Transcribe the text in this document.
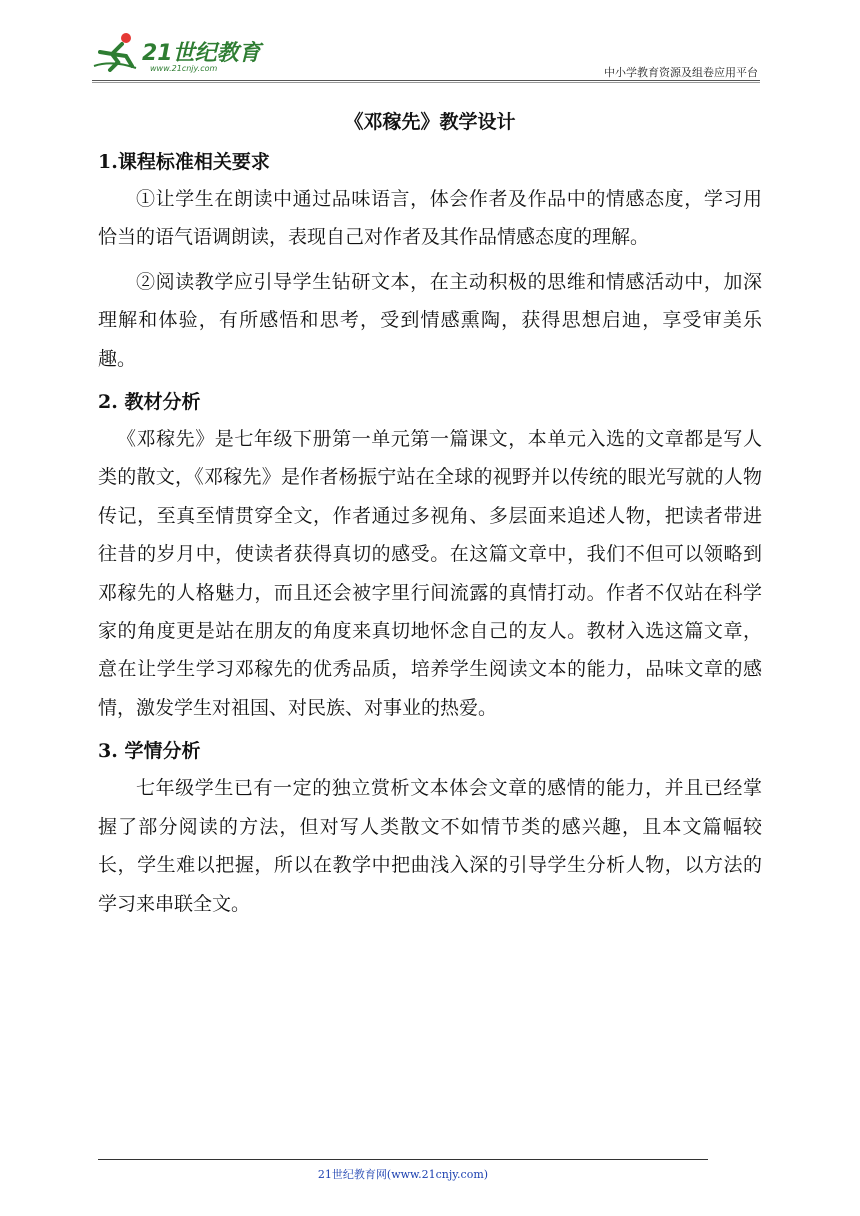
21世纪教育
www.21cnjy.com	中小学教育资源及组卷应用平台
《邓稼先》教学设计
1.课程标准相关要求

①让学生在朗读中通过品味语言，体会作者及作品中的情感态度，学习用恰当的语气语调朗读，表现自己对作者及其作品情感态度的理解。

②阅读教学应引导学生钻研文本，在主动积极的思维和情感活动中，加深理解和体验，有所感悟和思考，受到情感熏陶，获得思想启迪，享受审美乐趣。

2. 教材分析

《邓稼先》是七年级下册第一单元第一篇课文，本单元入选的文章都是写人类的散文，《邓稼先》是作者杨振宁站在全球的视野并以传统的眼光写就的人物传记，至真至情贯穿全文，作者通过多视角、多层面来追述人物，把读者带进往昔的岁月中，使读者获得真切的感受。在这篇文章中，我们不但可以领略到邓稼先的人格魅力，而且还会被字里行间流露的真情打动。作者不仅站在科学家的角度更是站在朋友的角度来真切地怀念自己的友人。教材入选这篇文章，意在让学生学习邓稼先的优秀品质，培养学生阅读文本的能力，品味文章的感情，激发学生对祖国、对民族、对事业的热爱。

3. 学情分析

七年级学生已有一定的独立赏析文本体会文章的感情的能力，并且已经掌握了部分阅读的方法，但对写人类散文不如情节类的感兴趣，且本文篇幅较长，学生难以把握，所以在教学中把曲浅入深的引导学生分析人物，以方法的学习来串联全文。

21世纪教育网(www.21cnjy.com)
